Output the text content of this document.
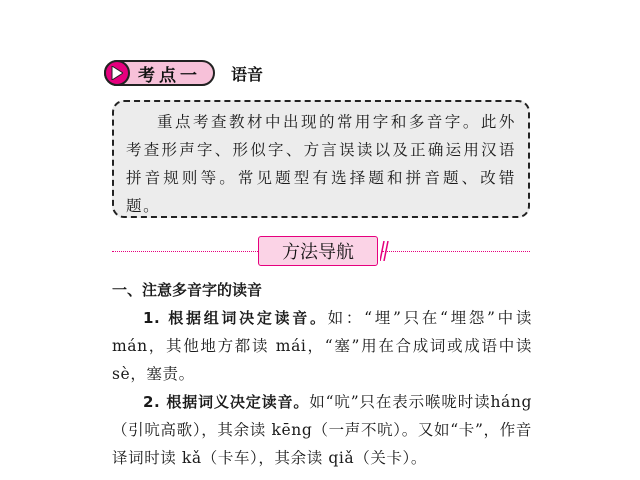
考点一 语音
重点考查教材中出现的常用字和多音字。此外考查形声字、形似字、方言误读以及正确运用汉语拼音规则等。常见题型有选择题和拼音题、改错题。
方法导航

一、注意多音字的读音

1. 根据组词决定读音。如：“埋”只在“埋怨”中读mán，其他地方都读 mái，“塞”用在合成词或成语中读sè，塞责。

2. 根据词义决定读音。如“吭”只在表示喉咙时读háng（引吭高歌），其余读 kēng（一声不吭）。又如“卡”，作音译词时读 kǎ（卡车），其余读 qiǎ（关卡）。
